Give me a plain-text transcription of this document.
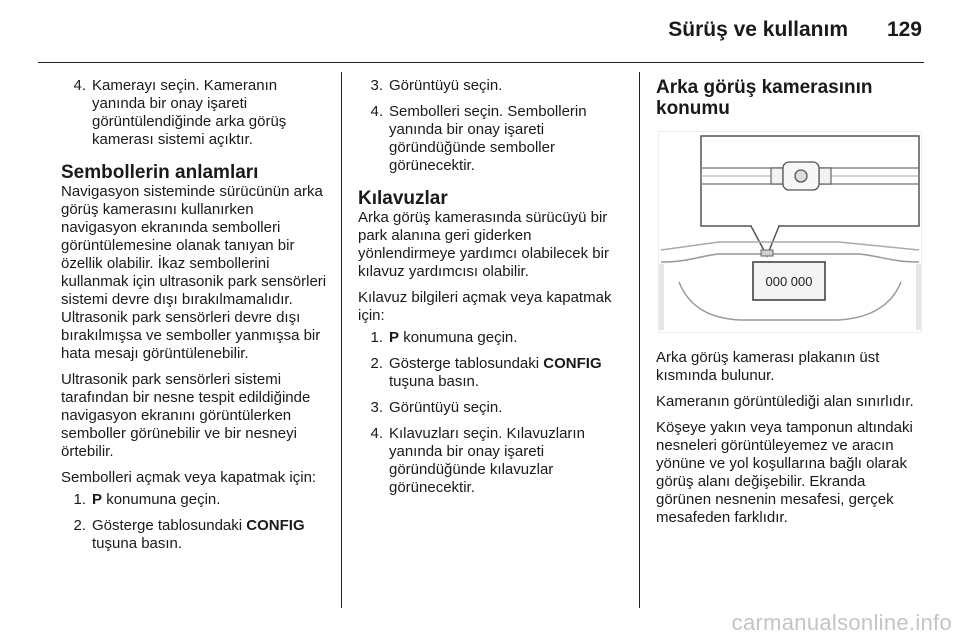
Sürüş ve kullanım 129
4. Kamerayı seçin. Kameranın yanında bir onay işareti görüntülendiğinde arka görüş kamerası sistemi açıktır.
Sembollerin anlamları

Navigasyon sisteminde sürücünün arka görüş kamerasını kullanırken navigasyon ekranında sembolleri görüntülemesine olanak tanıyan bir özellik olabilir. İkaz sembollerini kullanmak için ultrasonik park sensörleri sistemi devre dışı bırakılmamalıdır. Ultrasonik park sensörleri devre dışı bırakılmışsa ve semboller yanmışsa bir hata mesajı görüntülenebilir.

Ultrasonik park sensörleri sistemi tarafından bir nesne tespit edildiğinde navigasyon ekranını görüntülerken semboller görünebilir ve bir nesneyi örtebilir.

Sembolleri açmak veya kapatmak için:

1. P konumuna geçin.
2. Gösterge tablosundaki CONFIG tuşuna basın.
3. Görüntüyü seçin.
4. Sembolleri seçin. Sembollerin yanında bir onay işareti göründüğünde semboller görünecektir.
Kılavuzlar

Arka görüş kamerasında sürücüyü bir park alanına geri giderken yönlendirmeye yardımcı olabilecek bir kılavuz yardımcısı olabilir.

Kılavuz bilgileri açmak veya kapatmak için:

1. P konumuna geçin.
2. Gösterge tablosundaki CONFIG tuşuna basın.
3. Görüntüyü seçin.
4. Kılavuzları seçin. Kılavuzların yanında bir onay işareti göründüğünde kılavuzlar görünecektir.
Arka görüş kamerasının konumu
000 000

Arka görüş kamerası plakanın üst kısmında bulunur.

Kameranın görüntülediği alan sınırlıdır.

Köşeye yakın veya tamponun altındaki nesneleri görüntüleyemez ve aracın yönüne ve yol koşullarına bağlı olarak görüş alanı değişebilir. Ekranda görünen nesnenin mesafesi, gerçek mesafeden farklıdır.

carmanualsonline.info
